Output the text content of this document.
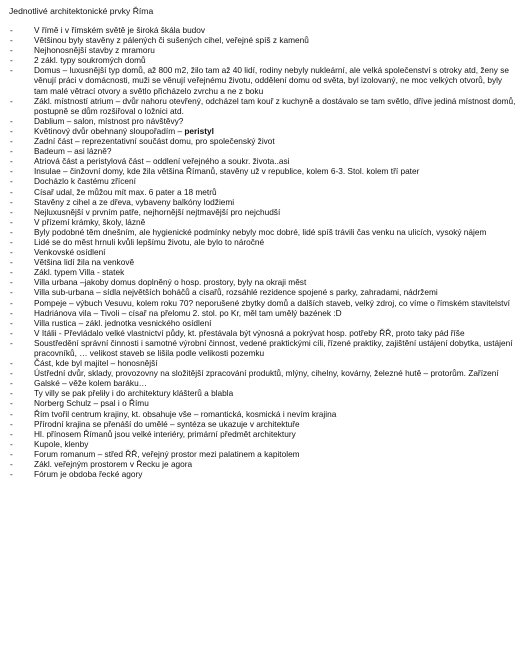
Jednotlivé architektonické prvky Říma
-	V římě i v římském světě je široká škála budov
-	Většinou byly stavěny z pálených či sušených cihel, veřejné spíš z kamenů
-	Nejhonosnější stavby z mramoru
-	2 zákl. typy soukromých domů
-	Domus – luxusnější typ domů, až 800 m2, žilo tam až 40 lidí, rodiny nebyly nukleární, ale velká společenství s otroky atd, ženy se věnují práci v domácnosti, muži se věnují veřejnému životu, oddělení domu od světa, byl izolovaný, ne moc velkých otvorů, byly tam malé větrací otvory a světlo přicházelo zvrchu a ne z boku
-	Zákl. místností atrium – dvůr nahoru otevřený, odcházel tam kouř z kuchyně a dostávalo se tam světlo, dříve jediná místnost domů, postupně se dům rozšiřoval o ložnici atd.
-	Dablium – salon, místnost pro návštěvy?
-	Květinový dvůr obehnaný sloupořadím – peristyl
-	Zadní část – reprezentativní součást domu, pro společenský život
-	Badeum – asi lázně?
-	Atriová část a peristylová část – oddlení veřejného a soukr. života..asi
-	Insulae – činžovní domy, kde žila většina Římanů, stavěny už v republice, kolem 6-3. Stol. kolem tří pater
-	Docházlo k častému zřícení
-	Císař udal, že můžou mít max. 6 pater a 18 metrů
-	Stavěny z cihel a ze dřeva, vybaveny balkóny lodžiemi
-	Nejluxusnější v prvním patře, nejhornější nejtmavější pro nejchudší
-	V přízemí krámky, školy, lázně
-	Byly podobné těm dnešním, ale hygienické podmínky nebyly moc dobré, lidé spíš trávili čas venku na ulicích, vysoký nájem
-	Lidé se do měst hrnuli kvůli lepšímu životu, ale bylo to náročné
-	Venkovské osídlení
-	Většina lidí žila na venkově
-	Zákl. typem Villa - statek
-	Villa urbana –jakoby domus doplněný o hosp. prostory, byly na okraji měst
-	Villa sub-urbana – sídla největších boháčů a císařů, rozsáhlé rezidence spojené s parky, zahradami, nádržemi
-	Pompeje – výbuch Vesuvu, kolem roku 70? neporušené zbytky domů a dalších staveb, velký zdroj, co víme o římském stavitelství
-	Hadriánova vila – Tivoli – císař na přelomu 2. stol. po Kr, měl tam umělý bazének :D
-	Villa rustica – zákl. jednotka vesnického osídlení
-	V Itálii - Převládalo velké vlastnictví půdy, kt. přestávala být výnosná a pokrývat hosp. potřeby ŘŘ, proto taky pád říše
-	Soustředění správní činnosti i samotné výrobní činnost, vedené praktickými cíli, řízené praktiky, zajištění ustájení dobytka, ustájení pracovníků, … velikost staveb se lišila podle velikosti pozemku
-	Část, kde byl majitel – honosnější
-	Ústřední dvůr, sklady, provozovny na složitější zpracování produktů, mlýny, cihelny, kovárny, železné hutě – protorům. Zařízení
-	Galské – věže kolem baráku…
-	Ty villy se pak přeliły i do architektury klášterů a blabla
-	Norberg Schulz – psal i o Římu
-	Řím tvořil centrum krajiny, kt. obsahuje vše – romantická, kosmická i nevím krajina
-	Přírodní krajina se přenáší do umělé – syntéza se ukazuje v architektuře
-	Hl. přínosem Římanů jsou velké interiéry, primární předmět architektury
-	Kupole, klenby
-	Forum romanum – střed ŘŘ, veřejný prostor mezi palatinem a kapitolem
-	Zákl. veřejným prostorem v Řecku je agora
-	Fórum je obdoba řecké agory
